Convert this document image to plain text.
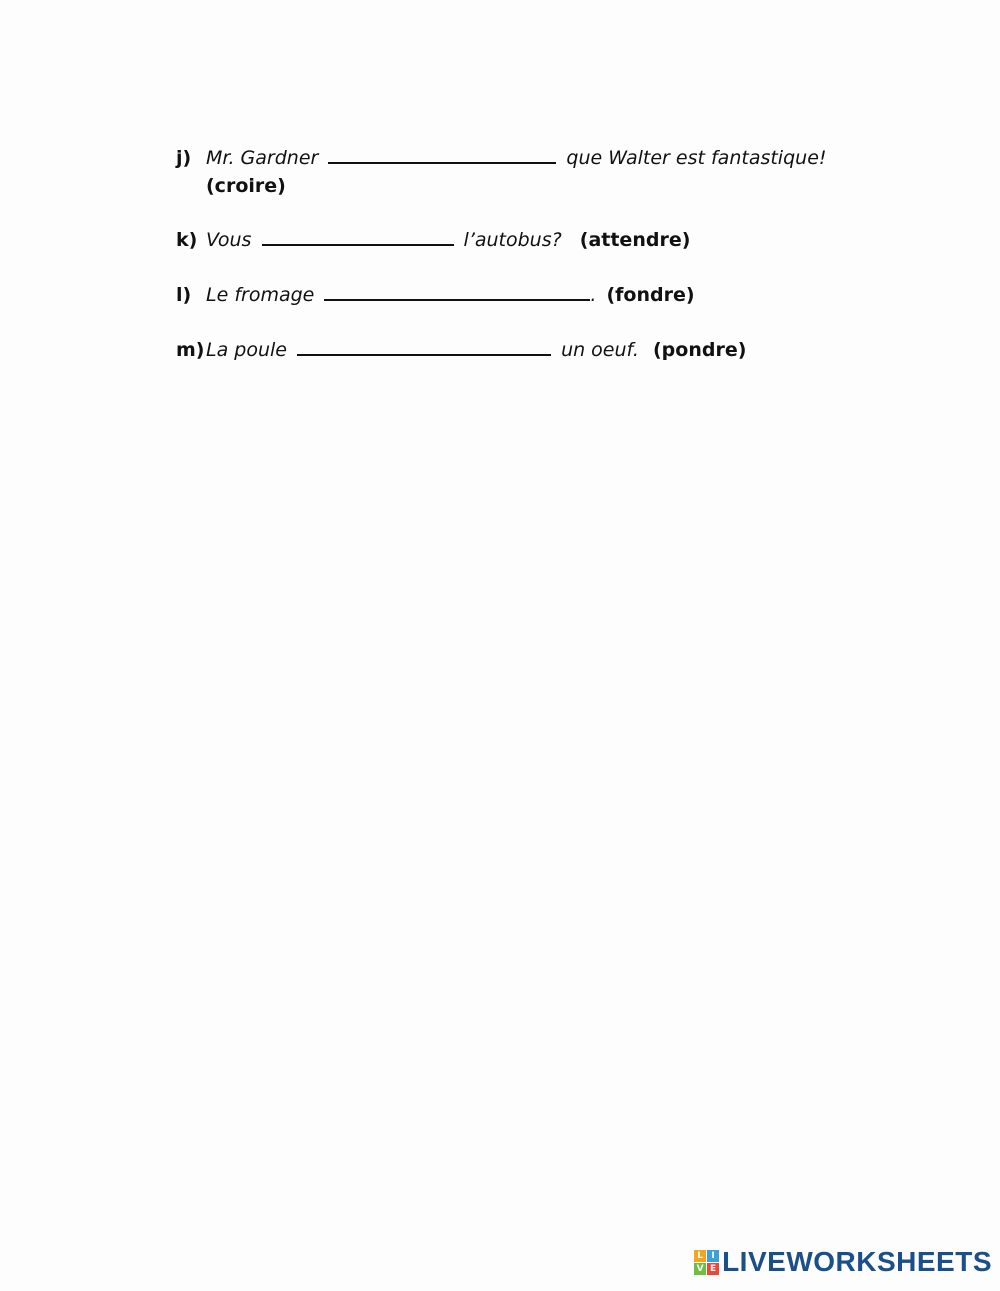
j) Mr. Gardner	que Walter est fantastique!
(croire)
k) Vous	l’autobus? (attendre)
l) Le fromage	. (fondre)
m) La poule	un oeuf. (pondre)
L I
V E LIVEWORKSHEETS
